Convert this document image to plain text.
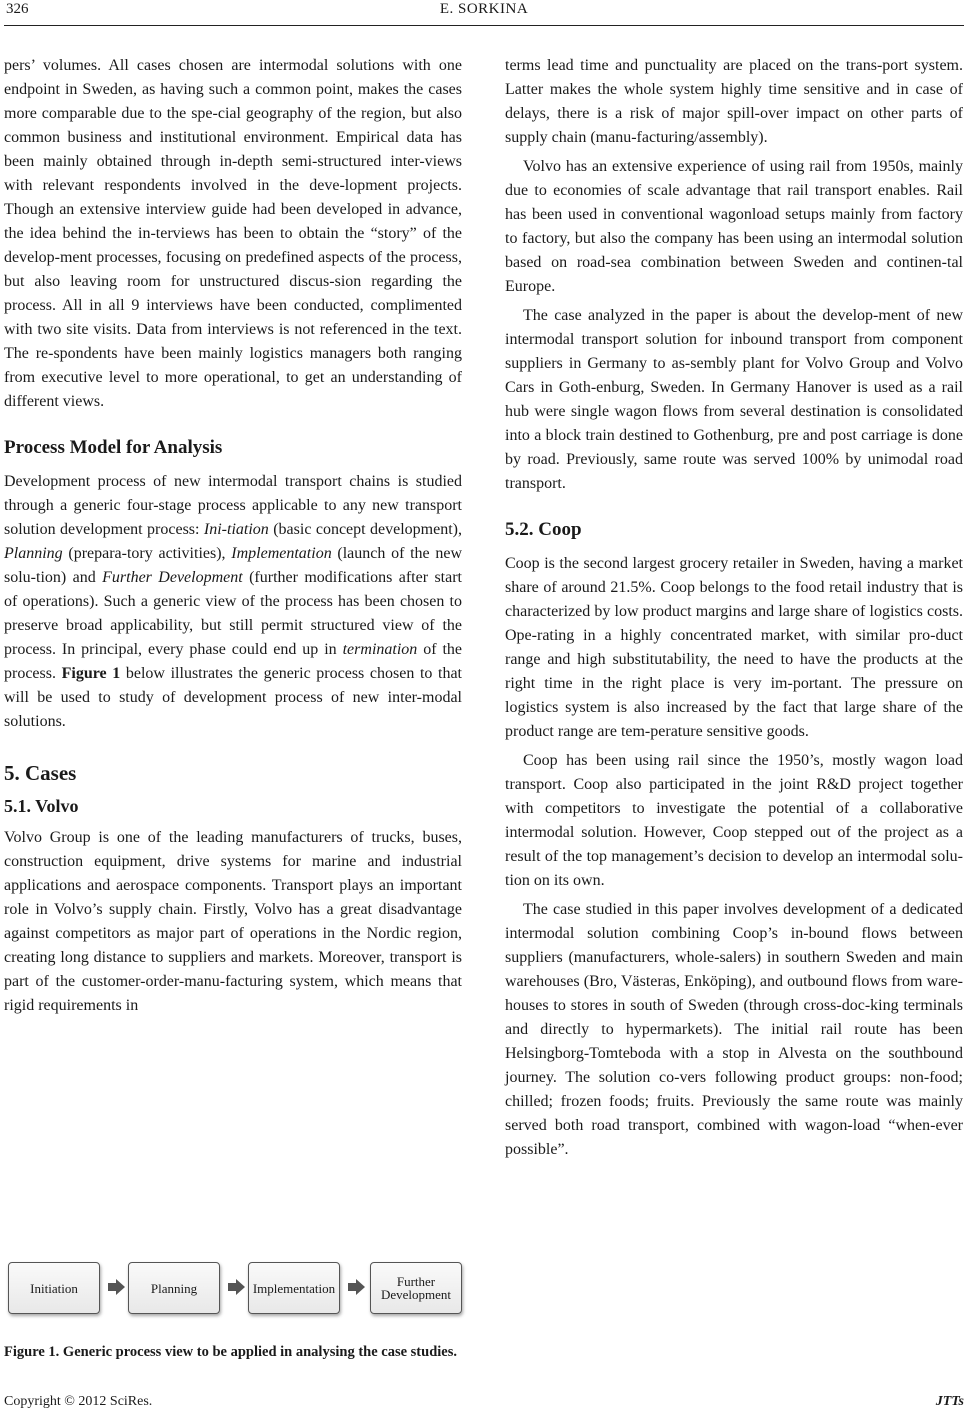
326	E. SORKINA

pers’ volumes. All cases chosen are intermodal solutions with one endpoint in Sweden, as having such a common point, makes the cases more comparable due to the spe-cial geography of the region, but also common business and institutional environment. Empirical data has been mainly obtained through in-depth semi-structured inter-views with relevant respondents involved in the deve-lopment projects. Though an extensive interview guide had been developed in advance, the idea behind the in-terviews has been to obtain the “story” of the develop-ment processes, focusing on predefined aspects of the process, but also leaving room for unstructured discus-sion regarding the process. All in all 9 interviews have been conducted, complimented with two site visits. Data from interviews is not referenced in the text. The re-spondents have been mainly logistics managers both ranging from executive level to more operational, to get an understanding of different views.

Process Model for Analysis

Development process of new intermodal transport chains is studied through a generic four-stage process applicable to any new transport solution development process: Ini-tiation (basic concept development), Planning (prepara-tory activities), Implementation (launch of the new solu-tion) and Further Development (further modifications after start of operations). Such a generic view of the process has been chosen to preserve broad applicability, but still permit structured view of the process. In principal, every phase could end up in termination of the process. Figure 1 below illustrates the generic process chosen to that will be used to study of development process of new inter-modal solutions.

5. Cases
5.1. Volvo

Volvo Group is one of the leading manufacturers of trucks, buses, construction equipment, drive systems for marine and industrial applications and aerospace components. Transport plays an important role in Volvo’s supply chain. Firstly, Volvo has a great disadvantage against competitors as major part of operations in the Nordic region, creating long distance to suppliers and markets. Moreover, transport is part of the customer-order-manu-facturing system, which means that rigid requirements in

Initiation	Planning	Implementation	Further Development
Figure 1. Generic process view to be applied in analysing the case studies.

terms lead time and punctuality are placed on the trans-port system. Latter makes the whole system highly time sensitive and in case of delays, there is a risk of major spill-over impact on other parts of supply chain (manu-facturing/assembly).

Volvo has an extensive experience of using rail from 1950s, mainly due to economies of scale advantage that rail transport enables. Rail has been used in conventional wagonload setups mainly from factory to factory, but also the company has been using an intermodal solution based on road-sea combination between Sweden and continen-tal Europe.

The case analyzed in the paper is about the develop-ment of new intermodal transport solution for inbound transport from component suppliers in Germany to as-sembly plant for Volvo Group and Volvo Cars in Goth-enburg, Sweden. In Germany Hanover is used as a rail hub were single wagon flows from several destination is consolidated into a block train destined to Gothenburg, pre and post carriage is done by road. Previously, same route was served 100% by unimodal road transport.

5.2. Coop

Coop is the second largest grocery retailer in Sweden, having a market share of around 21.5%. Coop belongs to the food retail industry that is characterized by low product margins and large share of logistics costs. Ope-rating in a highly concentrated market, with similar pro-duct range and high substitutability, the need to have the products at the right time in the right place is very im-portant. The pressure on logistics system is also increased by the fact that large share of the product range are tem-perature sensitive goods.

Coop has been using rail since the 1950’s, mostly wagon load transport. Coop also participated in the joint R&D project together with competitors to investigate the potential of a collaborative intermodal solution. However, Coop stepped out of the project as a result of the top management’s decision to develop an intermodal solu-tion on its own.

The case studied in this paper involves development of a dedicated intermodal solution combining Coop’s in-bound flows between suppliers (manufacturers, whole-salers) in southern Sweden and main warehouses (Bro, Västeras, Enköping), and outbound flows from ware-houses to stores in south of Sweden (through cross-doc-king terminals and directly to hypermarkets). The initial rail route has been Helsingborg-Tomteboda with a stop in Alvesta on the southbound journey. The solution co-vers following product groups: non-food; chilled; frozen foods; fruits. Previously the same route was mainly served both road transport, combined with wagon-load “when-ever possible”.

Copyright © 2012 SciRes.	JTTs
